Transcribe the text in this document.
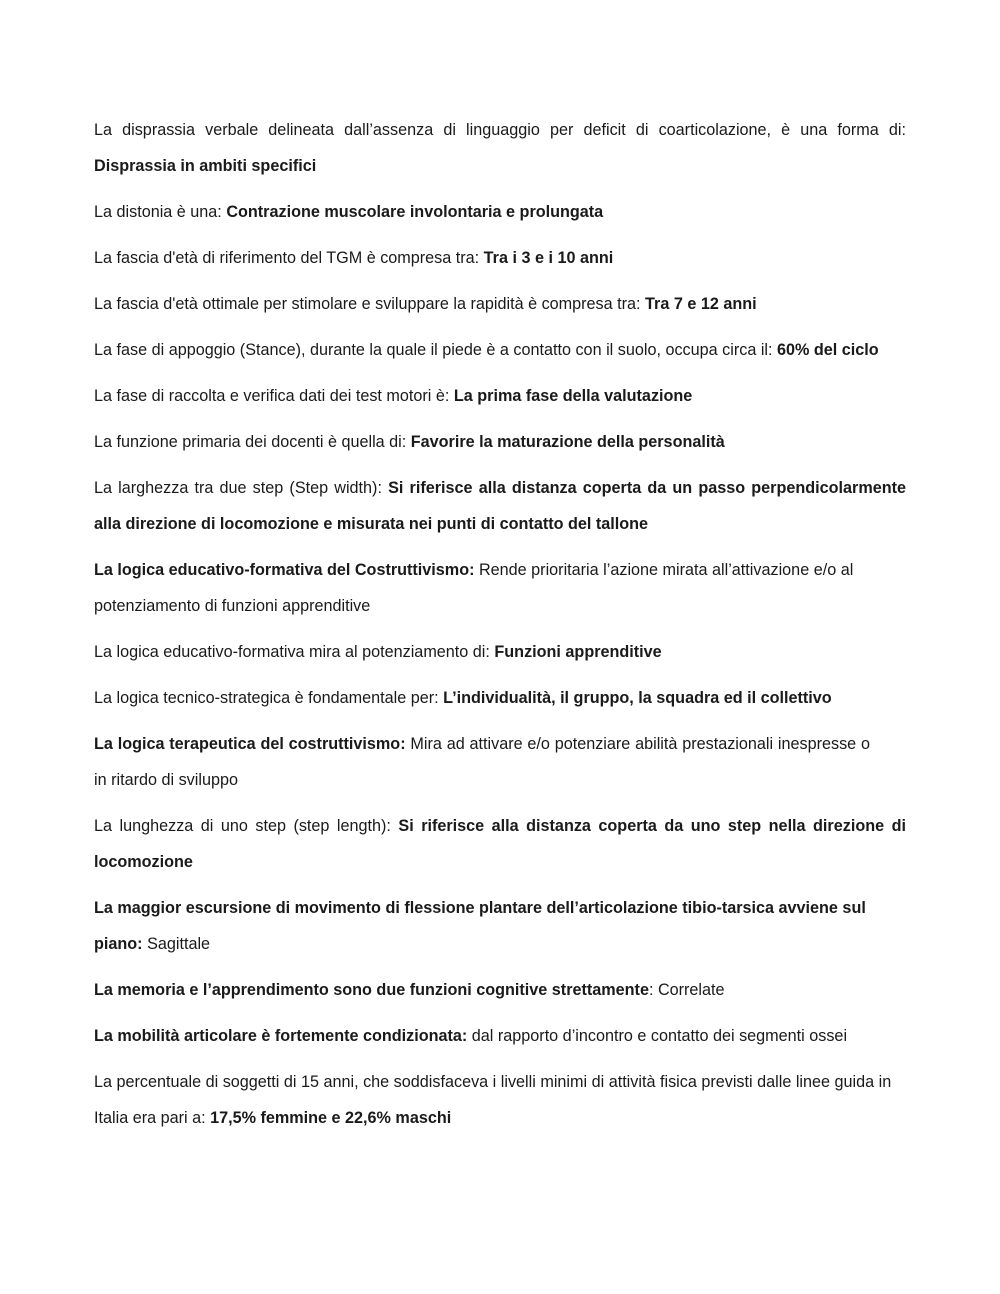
La disprassia verbale delineata dall’assenza di linguaggio per deficit di coarticolazione, è una forma di: Disprassia in ambiti specifici

La distonia è una: Contrazione muscolare involontaria e prolungata

La fascia d'età di riferimento del TGM è compresa tra: Tra i 3 e i 10 anni

La fascia d'età ottimale per stimolare e sviluppare la rapidità è compresa tra: Tra 7 e 12 anni

La fase di appoggio (Stance), durante la quale il piede è a contatto con il suolo, occupa circa il: 60% del ciclo

La fase di raccolta e verifica dati dei test motori è: La prima fase della valutazione

La funzione primaria dei docenti è quella di: Favorire la maturazione della personalità

La larghezza tra due step (Step width): Si riferisce alla distanza coperta da un passo perpendicolarmente alla direzione di locomozione e misurata nei punti di contatto del tallone

La logica educativo-formativa del Costruttivismo: Rende prioritaria l’azione mirata all’attivazione e/o al potenziamento di funzioni apprenditive

La logica educativo-formativa mira al potenziamento di: Funzioni apprenditive

La logica tecnico-strategica è fondamentale per: L’individualità, il gruppo, la squadra ed il collettivo

La logica terapeutica del costruttivismo: Mira ad attivare e/o potenziare abilità prestazionali inespresse o in ritardo di sviluppo

La lunghezza di uno step (step length): Si riferisce alla distanza coperta da uno step nella direzione di locomozione

La maggior escursione di movimento di flessione plantare dell’articolazione tibio-tarsica avviene sul piano: Sagittale

La memoria e l’apprendimento sono due funzioni cognitive strettamente: Correlate

La mobilità articolare è fortemente condizionata: dal rapporto d’incontro e contatto dei segmenti ossei

La percentuale di soggetti di 15 anni, che soddisfaceva i livelli minimi di attività fisica previsti dalle linee guida in Italia era pari a: 17,5% femmine e 22,6% maschi
